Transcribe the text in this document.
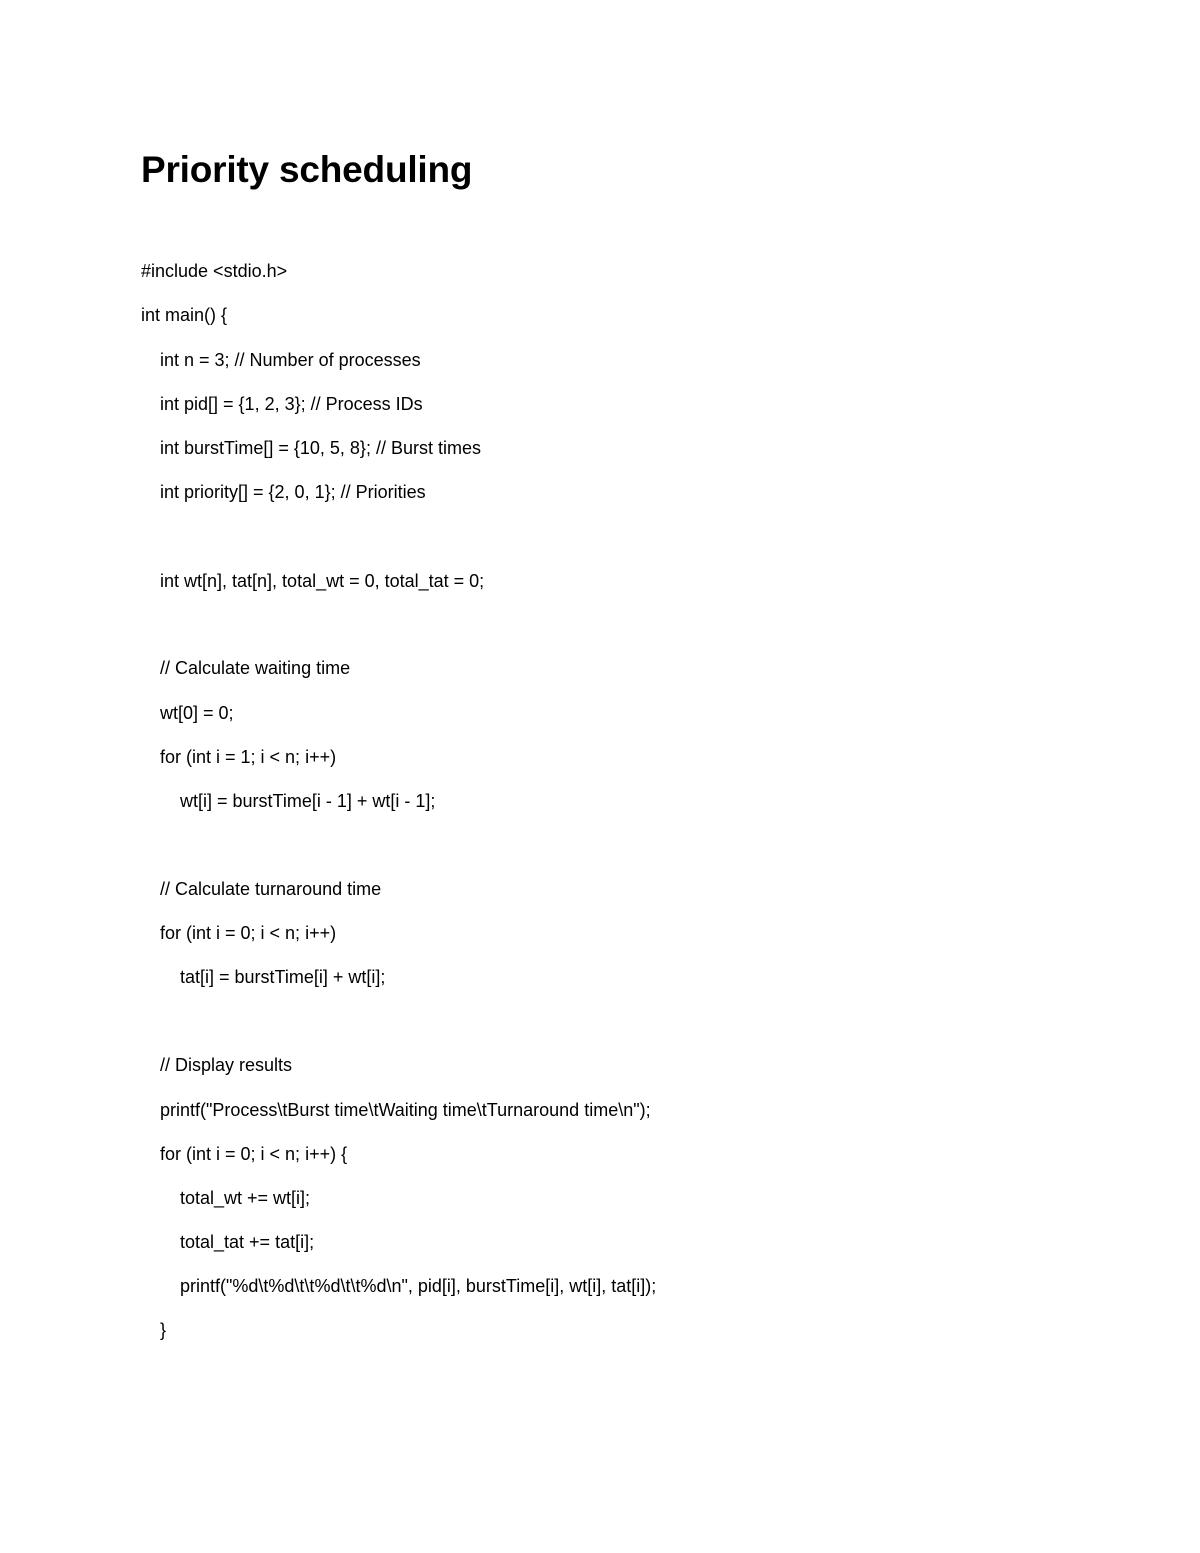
Priority scheduling
#include <stdio.h>
int main() {
int n = 3; // Number of processes
int pid[] = {1, 2, 3}; // Process IDs
int burstTime[] = {10, 5, 8}; // Burst times
int priority[] = {2, 0, 1}; // Priorities
int wt[n], tat[n], total_wt = 0, total_tat = 0;
// Calculate waiting time
wt[0] = 0;
for (int i = 1; i < n; i++)
wt[i] = burstTime[i - 1] + wt[i - 1];
// Calculate turnaround time
for (int i = 0; i < n; i++)
tat[i] = burstTime[i] + wt[i];
// Display results
printf("Process\tBurst time\tWaiting time\tTurnaround time\n");
for (int i = 0; i < n; i++) {
total_wt += wt[i];
total_tat += tat[i];
printf("%d\t%d\t\t%d\t\t%d\n", pid[i], burstTime[i], wt[i], tat[i]);
}
